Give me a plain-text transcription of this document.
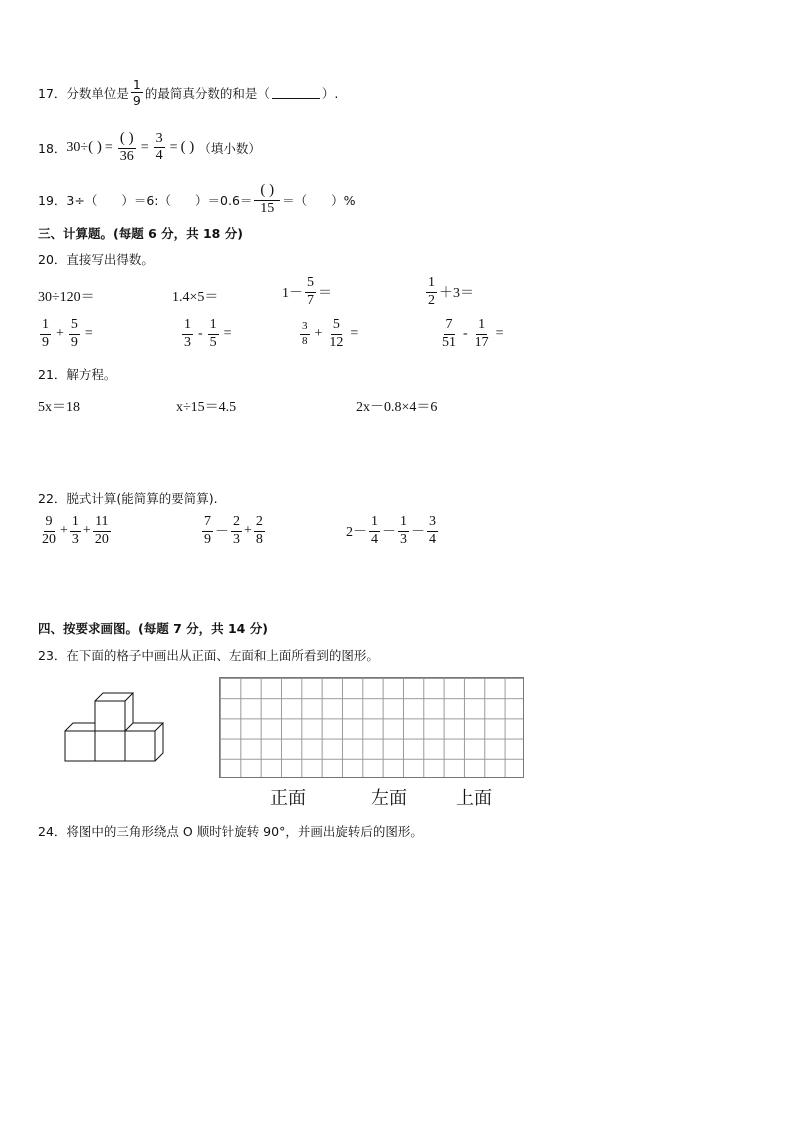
17．分数单位是 $\frac{1}{9}$ 的最简真分数的和是（	）.
18． 30÷ ( ) = $\frac{( )}{36} = \frac{3}{4}$ = ( ) （填小数）
19． 3÷（ ）＝6:（ ）$=0.6= \frac{( )}{15}$ ＝（ ）%
三、计算题。(每题 6 分，共 18 分)
20．直接写出得数。
30÷120＝	1.4×5＝	$1- \frac{5}{7}$ ＝	$\frac{1}{2} +3=$
$\frac{1}{9} + \frac{5}{9}$ =	$\frac{1}{3} - \frac{1}{5}$ =	$\frac{3}{8} + \frac{5}{12}$ =	$\frac{7}{51} - \frac{1}{17}$ =
21．解方程。
5x＝18	x÷15＝4.5	2x－0.8×4＝6
22．脱式计算(能简算的要简算).
$\frac{9}{20} + \frac{1}{3} + \frac{11}{20}$	$\frac{7}{9} - \frac{2}{3} + \frac{2}{8}$	$2- \frac{1}{4} - \frac{1}{3} - \frac{3}{4}$
四、按要求画图。(每题 7 分，共 14 分)
23．在下面的格子中画出从正面、左面和上面所看到的图形。
正面	左面	上面
24．将图中的三角形绕点 O 顺时针旋转 90°，并画出旋转后的图形。
